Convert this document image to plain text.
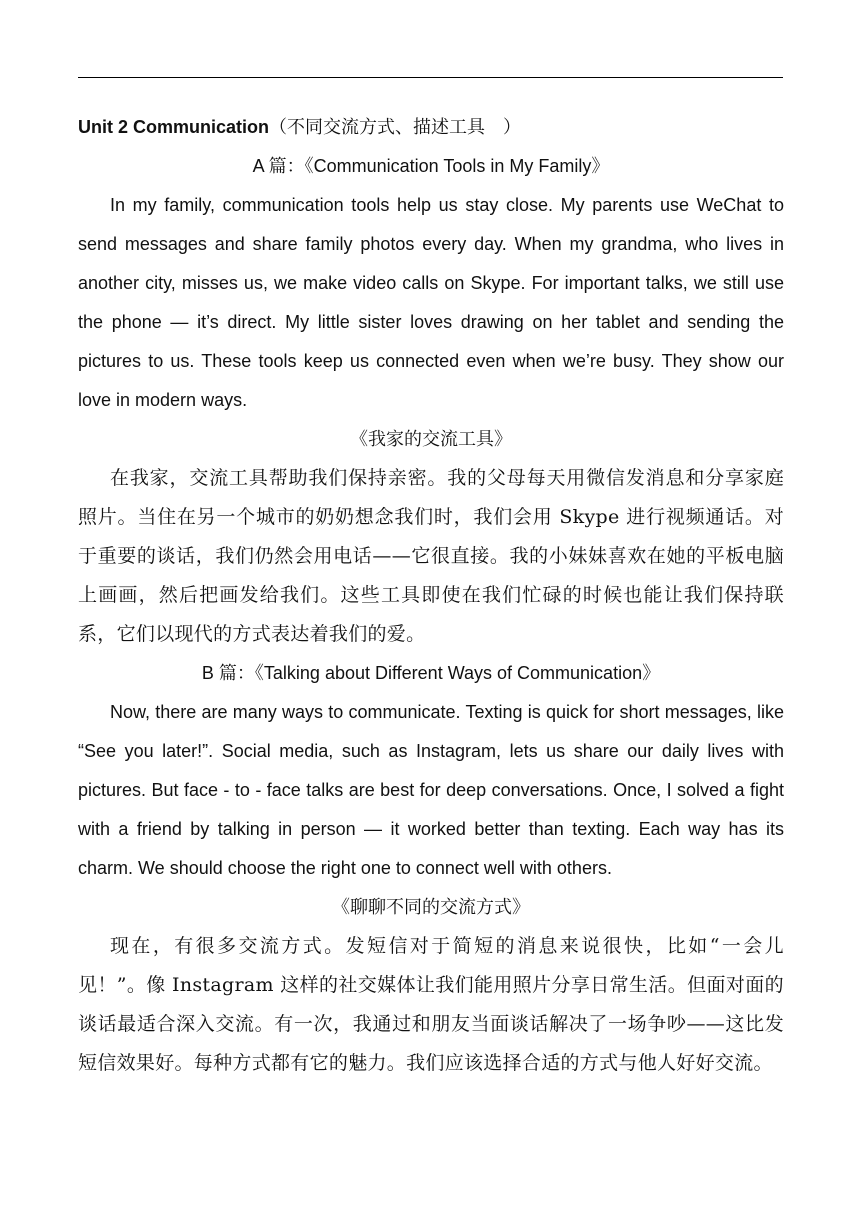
Unit 2 Communication（不同交流方式、描述工具　）

A 篇：《Communication Tools in My Family》

In my family, communication tools help us stay close. My parents use WeChat to send messages and share family photos every day. When my grandma, who lives in another city, misses us, we make video calls on Skype. For important talks, we still use the phone — it’s direct. My little sister loves drawing on her tablet and sending the pictures to us. These tools keep us connected even when we’re busy. They show our love in modern ways.

《我家的交流工具》

在我家，交流工具帮助我们保持亲密。我的父母每天用微信发消息和分享家庭照片。当住在另一个城市的奶奶想念我们时，我们会用 Skype 进行视频通话。对于重要的谈话，我们仍然会用电话——它很直接。我的小妹妹喜欢在她的平板电脑上画画，然后把画发给我们。这些工具即使在我们忙碌的时候也能让我们保持联系，它们以现代的方式表达着我们的爱。

B 篇：《Talking about Different Ways of Communication》

Now, there are many ways to communicate. Texting is quick for short messages, like “See you later!”. Social media, such as Instagram, lets us share our daily lives with pictures. But face - to - face talks are best for deep conversations. Once, I solved a fight with a friend by talking in person — it worked better than texting. Each way has its charm. We should choose the right one to connect well with others.

《聊聊不同的交流方式》

现在，有很多交流方式。发短信对于简短的消息来说很快，比如“一会儿见！”。像 Instagram 这样的社交媒体让我们能用照片分享日常生活。但面对面的谈话最适合深入交流。有一次，我通过和朋友当面谈话解决了一场争吵——这比发短信效果好。每种方式都有它的魅力。我们应该选择合适的方式与他人好好交流。
